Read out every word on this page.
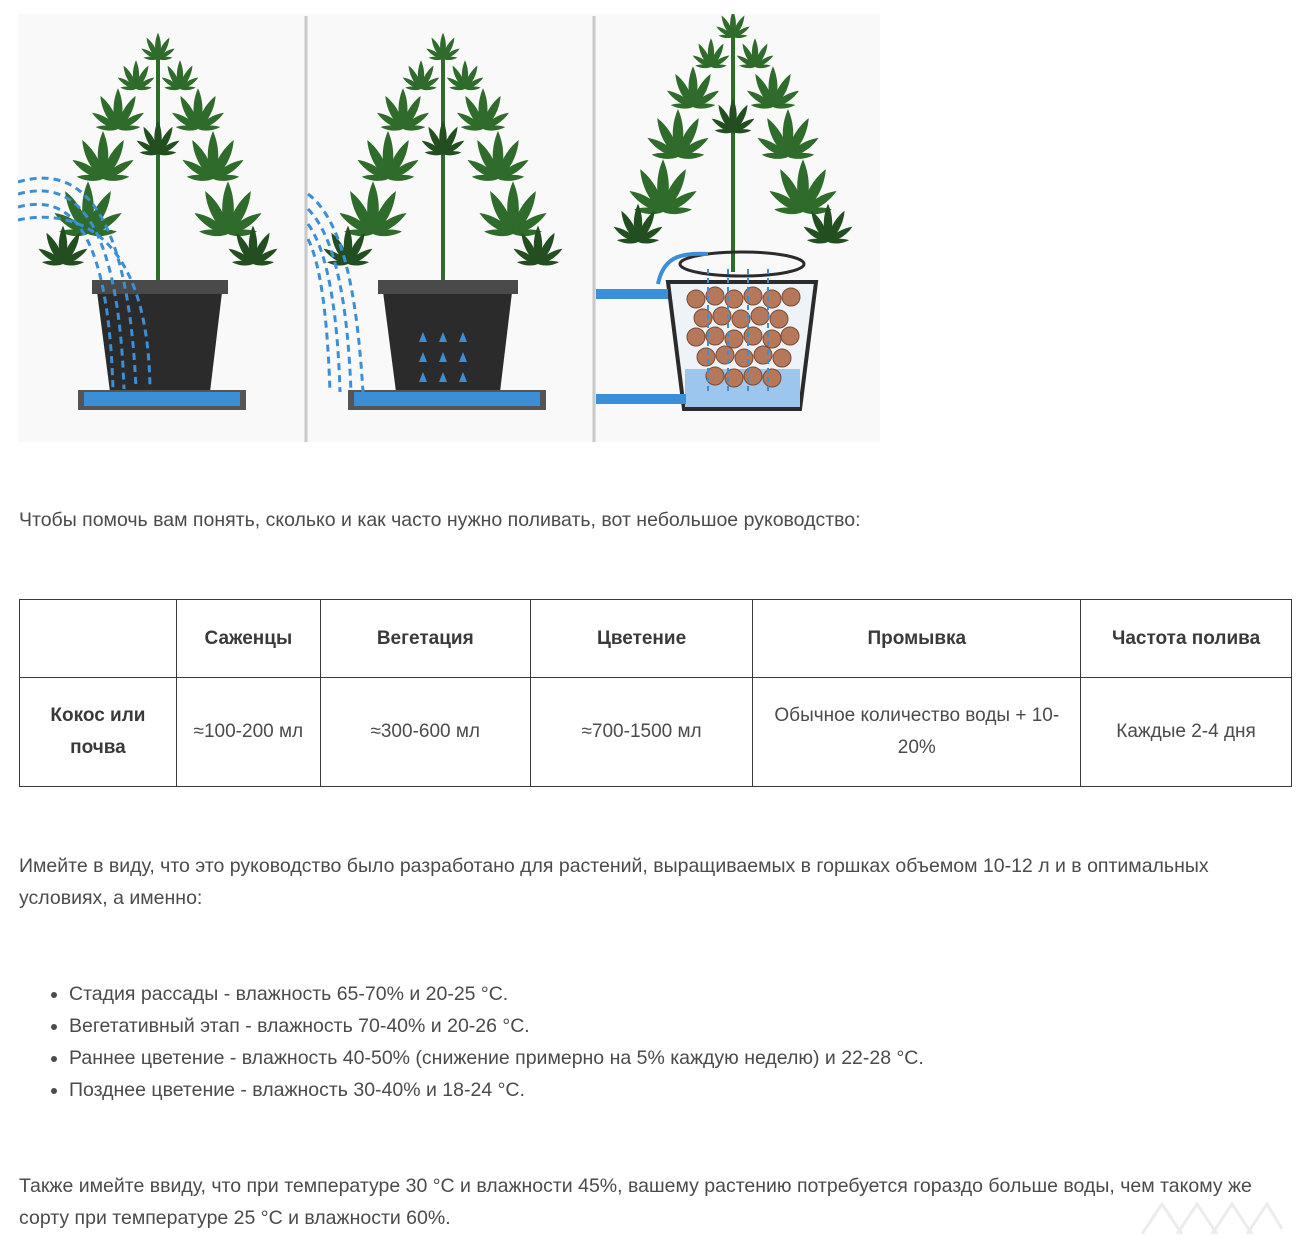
Чтобы помочь вам понять, сколько и как часто нужно поливать, вот небольшое руководство:

	Саженцы	Вегетация	Цветение	Промывка	Частота полива
Кокос или почва	≈100-200 мл	≈300-600 мл	≈700-1500 мл	Обычное количество воды + 10-20%	Каждые 2-4 дня

Имейте в виду, что это руководство было разработано для растений, выращиваемых в горшках объемом 10-12 л и в оптимальных условиях, а именно:

• Стадия рассады - влажность 65-70% и 20-25 °С.
• Вегетативный этап - влажность 70-40% и 20-26 °С.
• Раннее цветение - влажность 40-50% (снижение примерно на 5% каждую неделю) и 22-28 °С.
• Позднее цветение - влажность 30-40% и 18-24 °С.

Также имейте ввиду, что при температуре 30 °С и влажности 45%, вашему растению потребуется гораздо больше воды, чем такому же сорту при температуре 25 °С и влажности 60%.
